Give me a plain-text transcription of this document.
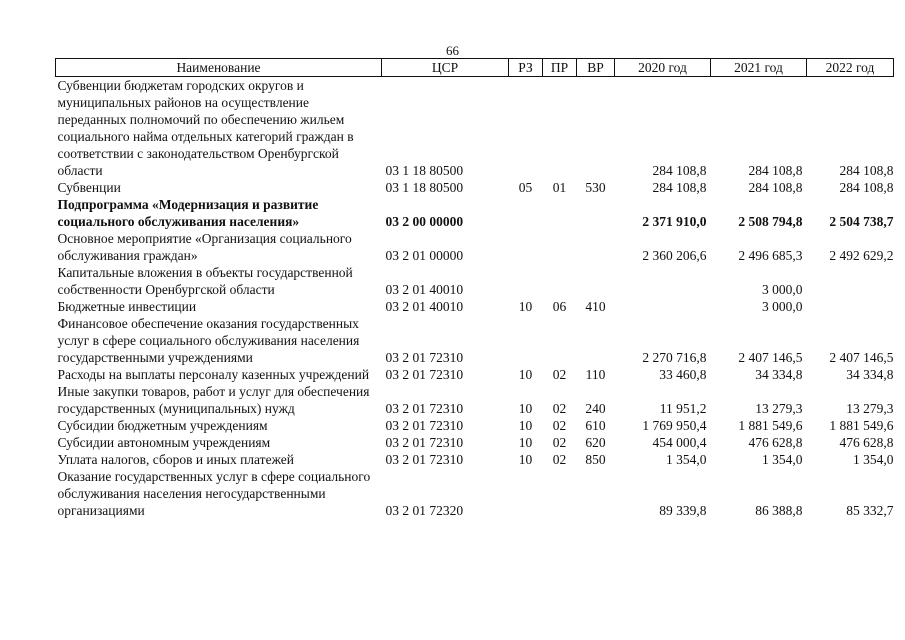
66
Наименование	ЦСР	РЗ	ПР	ВР	2020 год	2021 год	2022 год
Субвенции бюджетам городских округов и муниципальных районов на осуществление переданных полномочий по обеспечению жильем социального найма отдельных категорий граждан в соответствии с законодательством Оренбургской области	03 1 18 80500				284 108,8	284 108,8	284 108,8
Субвенции	03 1 18 80500	05	01	530	284 108,8	284 108,8	284 108,8
Подпрограмма «Модернизация и развитие социального обслуживания населения»	03 2 00 00000				2 371 910,0	2 508 794,8	2 504 738,7
Основное мероприятие «Организация социального обслуживания граждан»	03 2 01 00000				2 360 206,6	2 496 685,3	2 492 629,2
Капитальные вложения в объекты государственной собственности Оренбургской области	03 2 01 40010					3 000,0	
Бюджетные инвестиции	03 2 01 40010	10	06	410		3 000,0	
Финансовое обеспечение оказания государственных услуг в сфере социального обслуживания населения государственными учреждениями	03 2 01 72310				2 270 716,8	2 407 146,5	2 407 146,5
Расходы на выплаты персоналу казенных учреждений	03 2 01 72310	10	02	110	33 460,8	34 334,8	34 334,8
Иные закупки товаров, работ и услуг для обеспечения государственных (муниципальных) нужд	03 2 01 72310	10	02	240	11 951,2	13 279,3	13 279,3
Субсидии бюджетным учреждениям	03 2 01 72310	10	02	610	1 769 950,4	1 881 549,6	1 881 549,6
Субсидии автономным учреждениям	03 2 01 72310	10	02	620	454 000,4	476 628,8	476 628,8
Уплата налогов, сборов и иных платежей	03 2 01 72310	10	02	850	1 354,0	1 354,0	1 354,0
Оказание государственных услуг в сфере социального обслуживания населения негосударственными организациями	03 2 01 72320				89 339,8	86 388,8	85 332,7
